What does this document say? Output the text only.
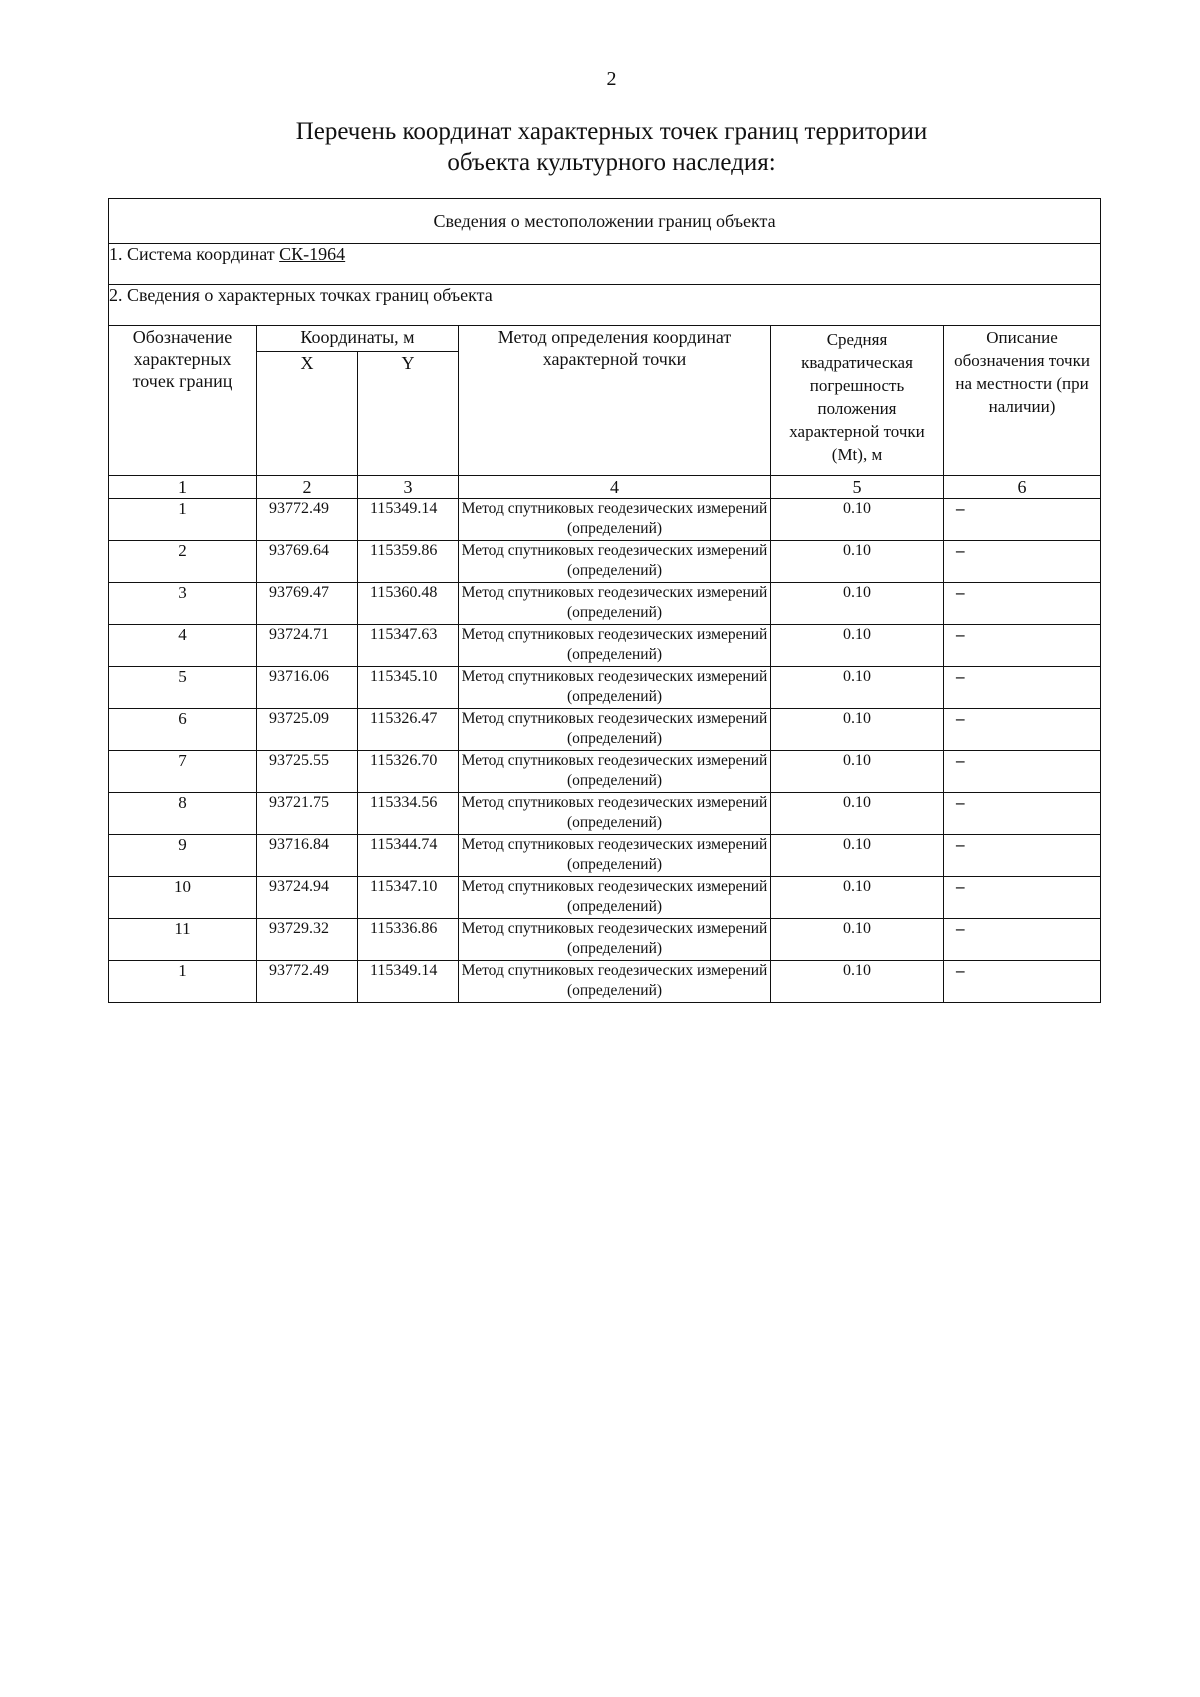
2
Перечень координат характерных точек границ территории
объекта культурного наследия:
Сведения о местоположении границ объекта					
1. Система координат СК-1964					
2. Сведения о характерных точках границ объекта					
Обозначение характерных точек границ	Координаты, м		Метод определения координат характерной точки	Средняя квадратическая погрешность положения характерной точки (Mt), м	Описание обозначения точки на местности (при наличии)
	X	Y			
1	2	3	4	5	6
1	93772.49	115349.14	Метод спутниковых геодезических измерений (определений)	0.10	–
2	93769.64	115359.86	Метод спутниковых геодезических измерений (определений)	0.10	–
3	93769.47	115360.48	Метод спутниковых геодезических измерений (определений)	0.10	–
4	93724.71	115347.63	Метод спутниковых геодезических измерений (определений)	0.10	–
5	93716.06	115345.10	Метод спутниковых геодезических измерений (определений)	0.10	–
6	93725.09	115326.47	Метод спутниковых геодезических измерений (определений)	0.10	–
7	93725.55	115326.70	Метод спутниковых геодезических измерений (определений)	0.10	–
8	93721.75	115334.56	Метод спутниковых геодезических измерений (определений)	0.10	–
9	93716.84	115344.74	Метод спутниковых геодезических измерений (определений)	0.10	–
10	93724.94	115347.10	Метод спутниковых геодезических измерений (определений)	0.10	–
11	93729.32	115336.86	Метод спутниковых геодезических измерений (определений)	0.10	–
1	93772.49	115349.14	Метод спутниковых геодезических измерений (определений)	0.10	–
